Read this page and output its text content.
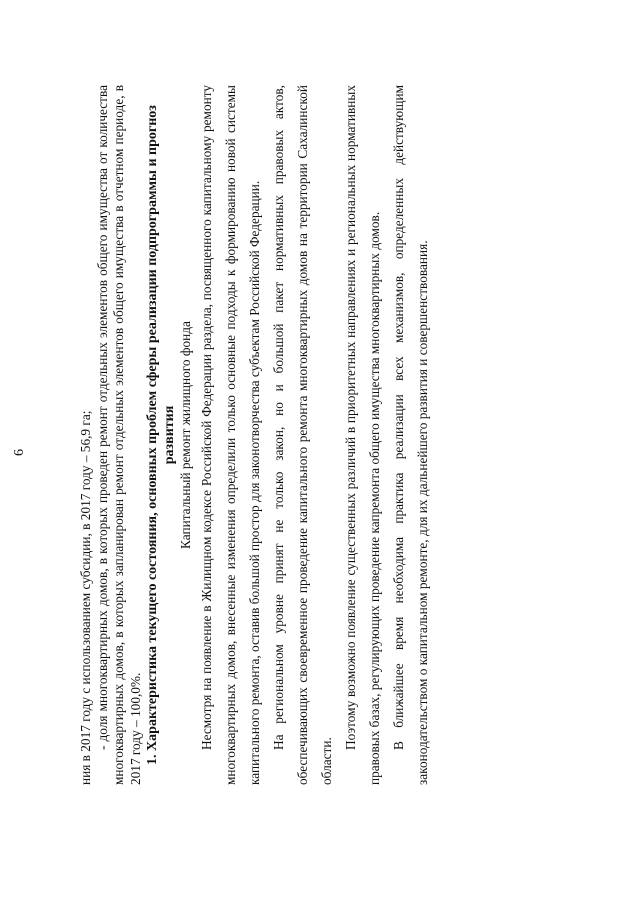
6	ния в 2017 году с использованием субсидии, в 2017 году – 56,9 га; - доля многоквартирных домов, в которых проведен ремонт отдельных элементов общего имущества от количества многоквартирных домов, в которых запланирован ремонт отдельных элементов общего имущества в отчетном периоде, в 2017 году – 100,0%. 1. Характеристика текущего состояния, основных проблем сферы реализации подпрограммы и прогноз развития Капитальный ремонт жилищного фонда Несмотря на появление в Жилищном кодексе Российской Федерации раздела, посвященного капитальному ремонту многоквартирных домов, внесенные изменения определили только основные подходы к формированию новой системы капитального ремонта, оставив большой простор для законотворчества субъектам Российской Федерации. На региональном уровне принят не только закон, но и большой пакет нормативных правовых актов, обеспечивающих своевременное проведение капитального ремонта многоквартирных домов на территории Сахалинской области.

Поэтому возможно появление существенных различий в приоритетных направлениях и региональных нормативных правовых базах, регулирующих проведение капремонта общего имущества многоквартирных домов. В ближайшее время необходима практика реализации всех механизмов, определенных действующим законодательством о капитальном ремонте, для их дальнейшего развития и совершенствования.
